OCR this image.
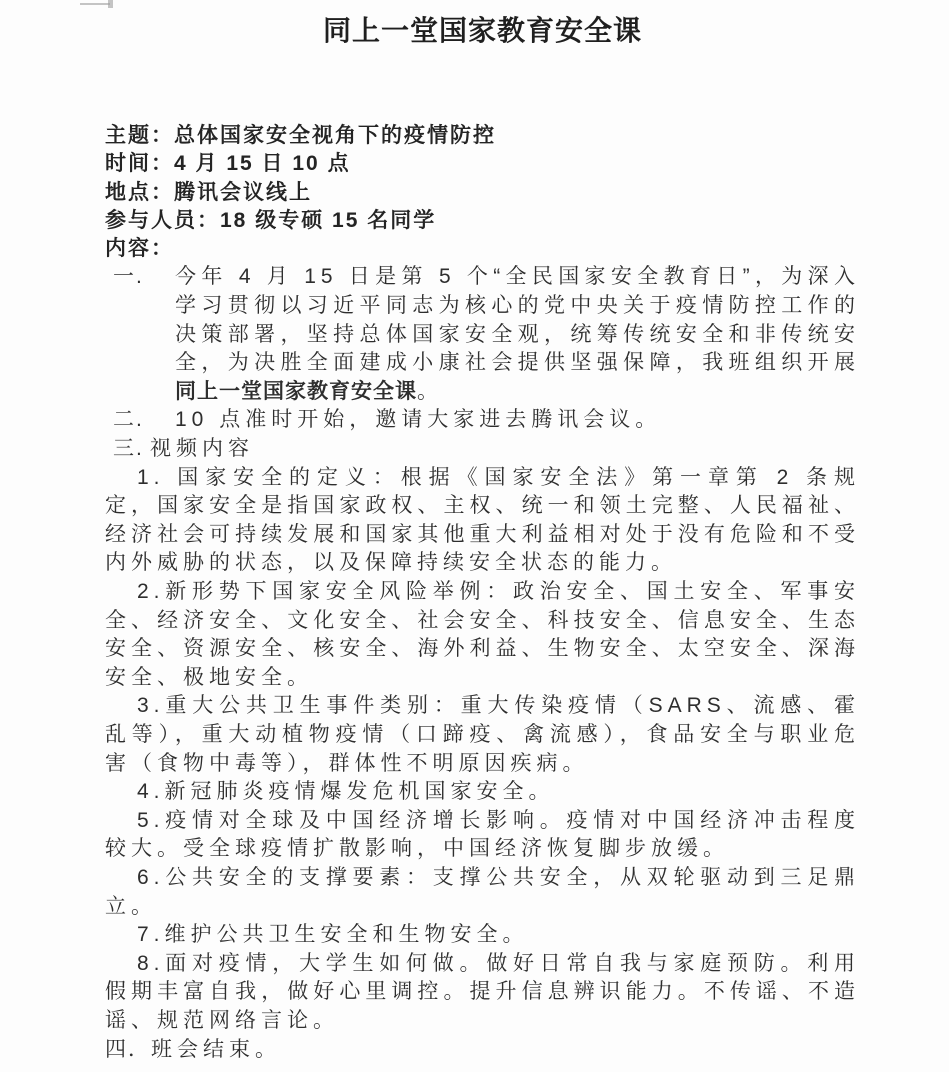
同上一堂国家教育安全课
主题：总体国家安全视角下的疫情防控
时间：4 月 15 日 10 点
地点：腾讯会议线上
参与人员：18 级专硕 15 名同学
内容：
一.	今年 4 月 15 日是第 5 个“全民国家安全教育日”，为深入学习贯彻以习近平同志为核心的党中央关于疫情防控工作的决策部署，坚持总体国家安全观，统筹传统安全和非传统安全，为决胜全面建成小康社会提供坚强保障，我班组织开展同上一堂国家教育安全课。
二.	10 点准时开始，邀请大家进去腾讯会议。
三. 视频内容

1. 国家安全的定义：根据《国家安全法》第一章第 2 条规定，国家安全是指国家政权、主权、统一和领土完整、人民福祉、经济社会可持续发展和国家其他重大利益相对处于没有危险和不受内外威胁的状态，以及保障持续安全状态的能力。

2.新形势下国家安全风险举例：政治安全、国土安全、军事安全、经济安全、文化安全、社会安全、科技安全、信息安全、生态安全、资源安全、核安全、海外利益、生物安全、太空安全、深海安全、极地安全。

3.重大公共卫生事件类别：重大传染疫情（SARS、流感、霍乱等），重大动植物疫情（口蹄疫、禽流感），食品安全与职业危害（食物中毒等），群体性不明原因疾病。

4.新冠肺炎疫情爆发危机国家安全。

5.疫情对全球及中国经济增长影响。疫情对中国经济冲击程度较大。受全球疫情扩散影响，中国经济恢复脚步放缓。

6.公共安全的支撑要素：支撑公共安全，从双轮驱动到三足鼎立。

7.维护公共卫生安全和生物安全。

8.面对疫情，大学生如何做。做好日常自我与家庭预防。利用假期丰富自我，做好心里调控。提升信息辨识能力。不传谣、不造谣、规范网络言论。

四． 班会结束。
